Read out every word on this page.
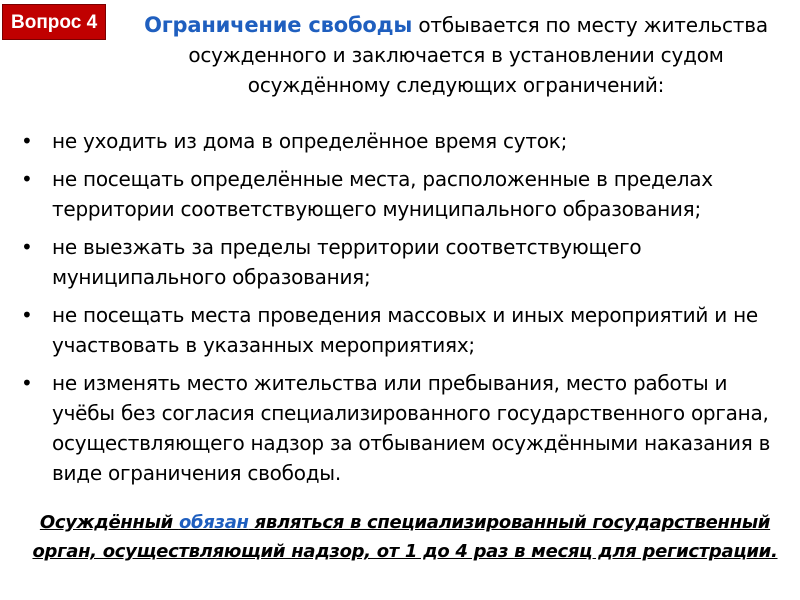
Вопрос 4	Ограничение свободы отбывается по месту жительства осужденного и заключается в установлении судом осуждённому следующих ограничений:
• не уходить из дома в определённое время суток;
• не посещать определённые места, расположенные в пределах территории соответствующего муниципального образования;
• не выезжать за пределы территории соответствующего муниципального образования;
• не посещать места проведения массовых и иных мероприятий и не участвовать в указанных мероприятиях;
• не изменять место жительства или пребывания, место работы и учёбы без согласия специализированного государственного органа, осуществляющего надзор за отбыванием осуждёнными наказания в виде ограничения свободы.
Осуждённый обязан являться в специализированный государственный орган, осуществляющий надзор, от 1 до 4 раз в месяц для регистрации.
